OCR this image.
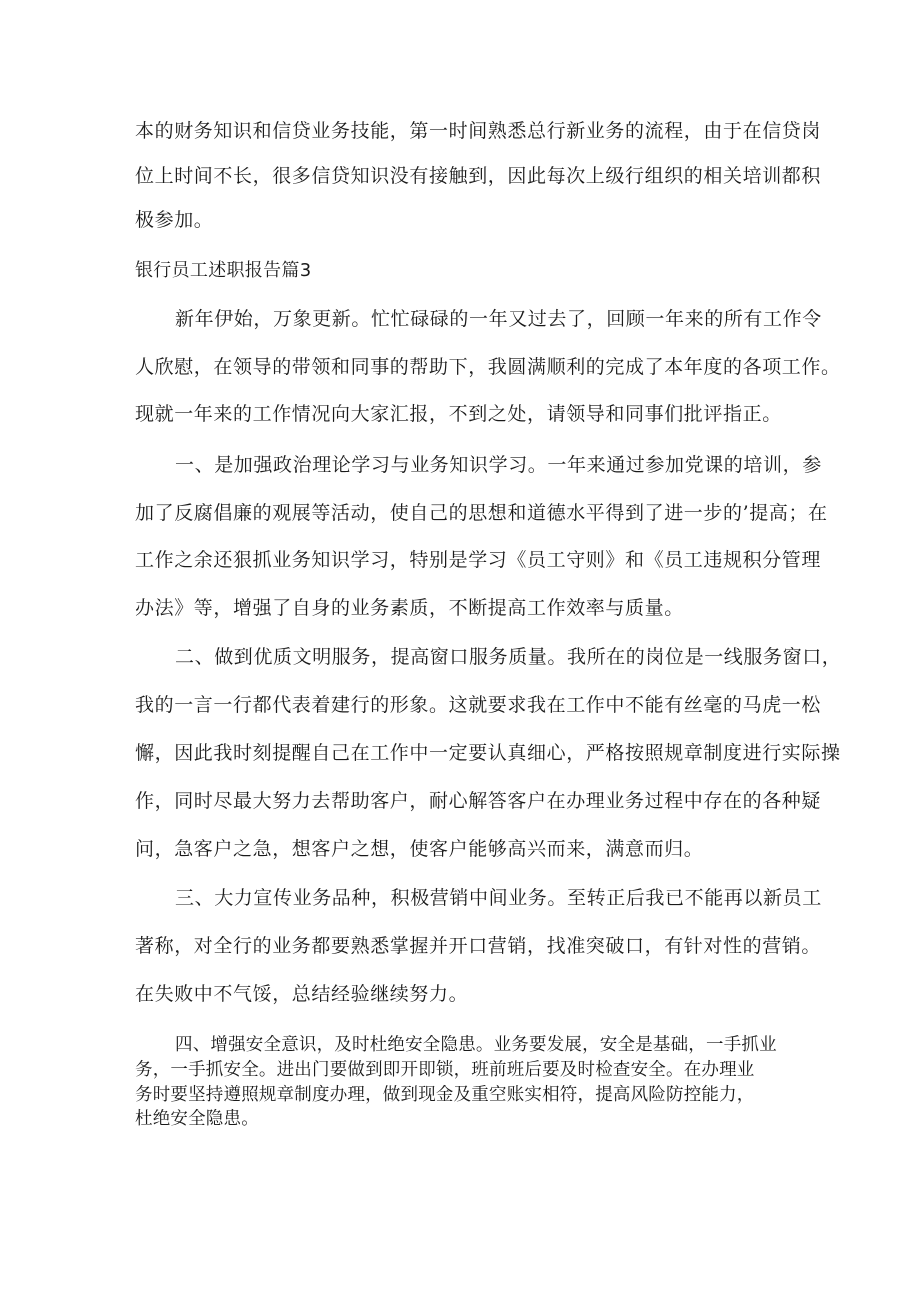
本的财务知识和信贷业务技能，第一时间熟悉总行新业务的流程，由于在信贷岗
位上时间不长，很多信贷知识没有接触到，因此每次上级行组织的相关培训都积
极参加。
银行员工述职报告篇3
新年伊始，万象更新。忙忙碌碌的一年又过去了，回顾一年来的所有工作令
人欣慰，在领导的带领和同事的帮助下，我圆满顺利的完成了本年度的各项工作。
现就一年来的工作情况向大家汇报，不到之处，请领导和同事们批评指正。
一、是加强政治理论学习与业务知识学习。一年来通过参加党课的培训，参
加了反腐倡廉的观展等活动，使自己的思想和道德水平得到了进一步的’提高；在
工作之余还狠抓业务知识学习，特别是学习《员工守则》和《员工违规积分管理
办法》等，增强了自身的业务素质，不断提高工作效率与质量。
二、做到优质文明服务，提高窗口服务质量。我所在的岗位是一线服务窗口，
我的一言一行都代表着建行的形象。这就要求我在工作中不能有丝毫的马虎一松
懈，因此我时刻提醒自己在工作中一定要认真细心，严格按照规章制度进行实际操
作，同时尽最大努力去帮助客户，耐心解答客户在办理业务过程中存在的各种疑
问，急客户之急，想客户之想，使客户能够高兴而来，满意而归。
三、大力宣传业务品种，积极营销中间业务。至转正后我已不能再以新员工
著称，对全行的业务都要熟悉掌握并开口营销，找准突破口，有针对性的营销。
在失败中不气馁，总结经验继续努力。
四、增强安全意识，及时杜绝安全隐患。业务要发展，安全是基础，一手抓业
务，一手抓安全。进出门要做到即开即锁，班前班后要及时检查安全。在办理业
务时要坚持遵照规章制度办理，做到现金及重空账实相符，提高风险防控能力，
杜绝安全隐患。
